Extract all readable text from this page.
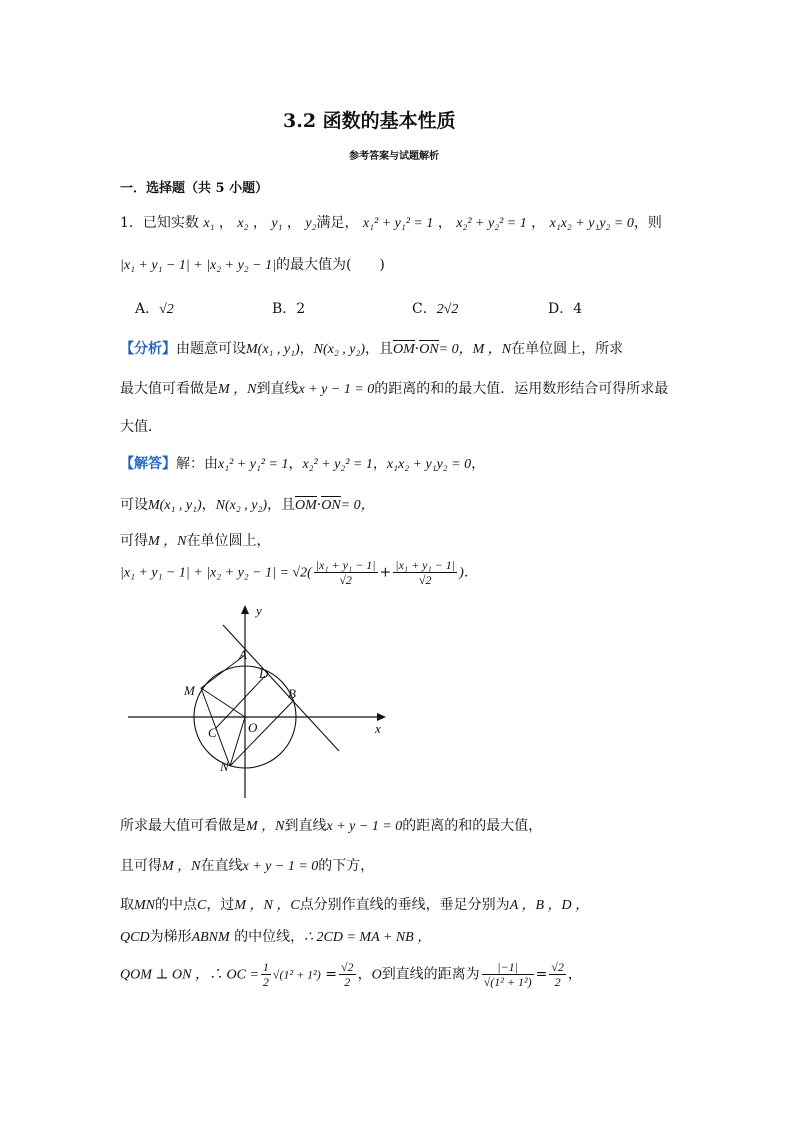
3.2 函数的基本性质
参考答案与试题解析
一．选择题（共 5 小题）
1．已知实数 x₁ ， x₂ ， y₁ ， y₂满足， x₁² + y₁² = 1 ， x₂² + y₂² = 1 ， x₁x₂ + y₁y₂ = 0，则
|x₁ + y₁ − 1| + |x₂ + y₂ − 1|的最大值为(　　)
A．√2	B．2	C．2√2	D．4
【分析】由题意可设M(x₁ , y₁)，N(x₂ , y₂)，且OM·ON= 0，M ，N在单位圆上，所求
最大值可看做是M ，N到直线x + y − 1 = 0的距离的和的最大值．运用数形结合可得所求最
大值．
【解答】解：由x₁² + y₁² = 1，x₂² + y₂² = 1，x₁x₂ + y₁y₂ = 0，
可设M(x₁ , y₁)，N(x₂ , y₂)，且OM·ON= 0，
可得M ，N在单位圆上，
$|x_1 + y_1 - 1| + |x_2 + y_2 - 1| = √2( \frac{\text{|x₁ + y₁ − 1|}}{√2} + \frac{\text{|x₁ + y₁ − 1|}}{√2}$ )．
y
x
A
D
B
M
O
C
N
所求最大值可看做是M ，N到直线x + y − 1 = 0的距离的和的最大值，
且可得M ，N在直线x + y − 1 = 0的下方，
取MN的中点C，过M ，N ，C点分别作直线的垂线，垂足分别为A ，B ，D ，
QCD为梯形ABNM 的中位线，∴ 2CD = MA + NB ，
QOM ⊥ ON ，∴ OC = $\frac{1}{2} √(1^2 + 1^2) = \frac{√2}{2}$ ，O到直线的距离为 $\frac{|-1|}{\text{√(1² + 1²)}} = \frac{√2}{2}$ ，
